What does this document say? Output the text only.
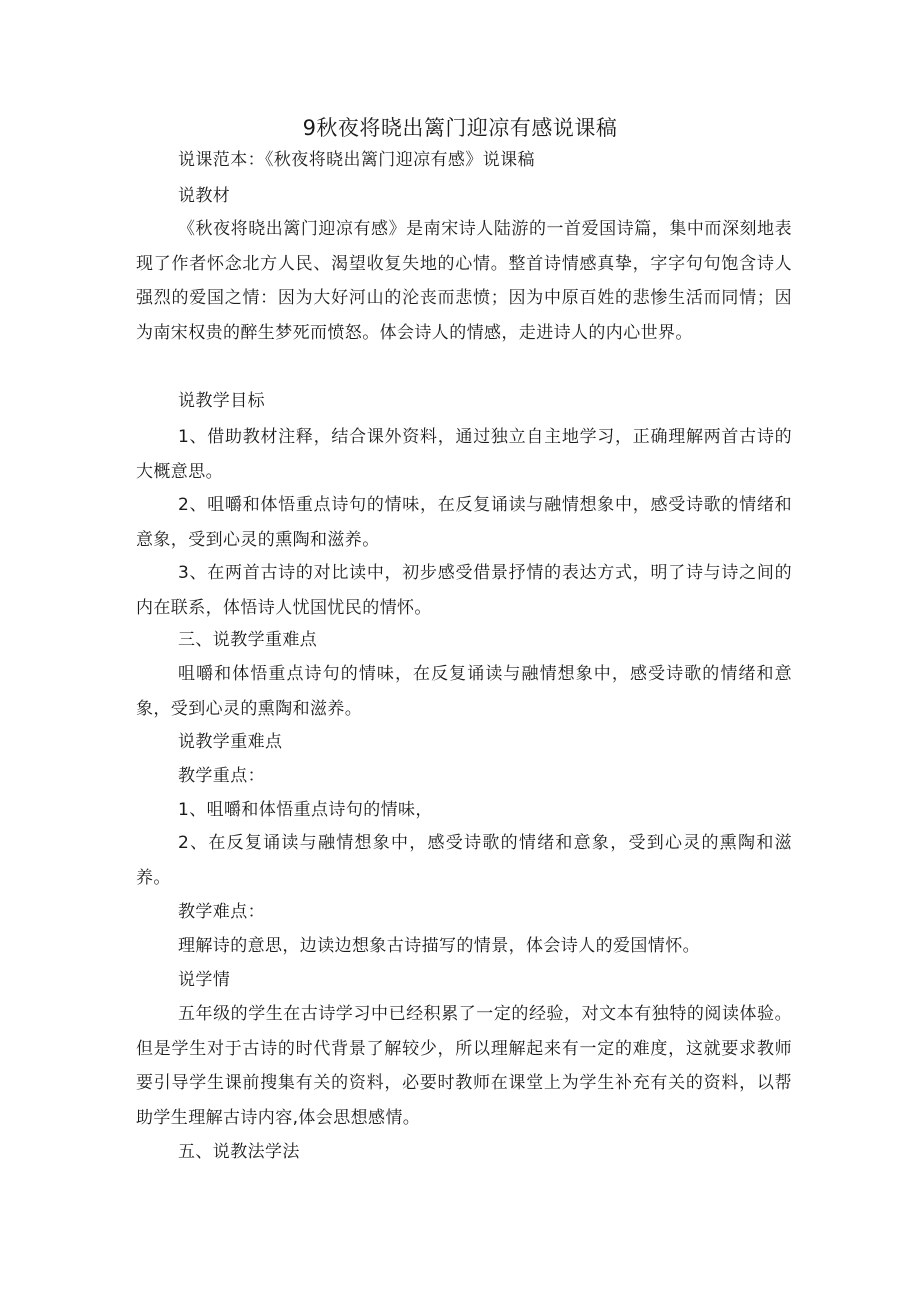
9秋夜将晓出篱门迎凉有感说课稿
说课范本：《秋夜将晓出篱门迎凉有感》说课稿
说教材
《秋夜将晓出篱门迎凉有感》是南宋诗人陆游的一首爱国诗篇，集中而深刻地表现了作者怀念北方人民、渴望收复失地的心情。整首诗情感真挚，字字句句饱含诗人强烈的爱国之情：因为大好河山的沦丧而悲愤；因为中原百姓的悲惨生活而同情；因为南宋权贵的醉生梦死而愤怒。体会诗人的情感，走进诗人的内心世界。
说教学目标
1、借助教材注释，结合课外资料，通过独立自主地学习，正确理解两首古诗的大概意思。
2、咀嚼和体悟重点诗句的情味，在反复诵读与融情想象中，感受诗歌的情绪和意象，受到心灵的熏陶和滋养。
3、在两首古诗的对比读中，初步感受借景抒情的表达方式，明了诗与诗之间的内在联系，体悟诗人忧国忧民的情怀。
三、说教学重难点
咀嚼和体悟重点诗句的情味，在反复诵读与融情想象中，感受诗歌的情绪和意象，受到心灵的熏陶和滋养。
说教学重难点
教学重点：
1、咀嚼和体悟重点诗句的情味，
2、在反复诵读与融情想象中，感受诗歌的情绪和意象，受到心灵的熏陶和滋养。
教学难点：
理解诗的意思，边读边想象古诗描写的情景，体会诗人的爱国情怀。
说学情
五年级的学生在古诗学习中已经积累了一定的经验，对文本有独特的阅读体验。但是学生对于古诗的时代背景了解较少，所以理解起来有一定的难度，这就要求教师要引导学生课前搜集有关的资料，必要时教师在课堂上为学生补充有关的资料，以帮助学生理解古诗内容,体会思想感情。
五、说教法学法
